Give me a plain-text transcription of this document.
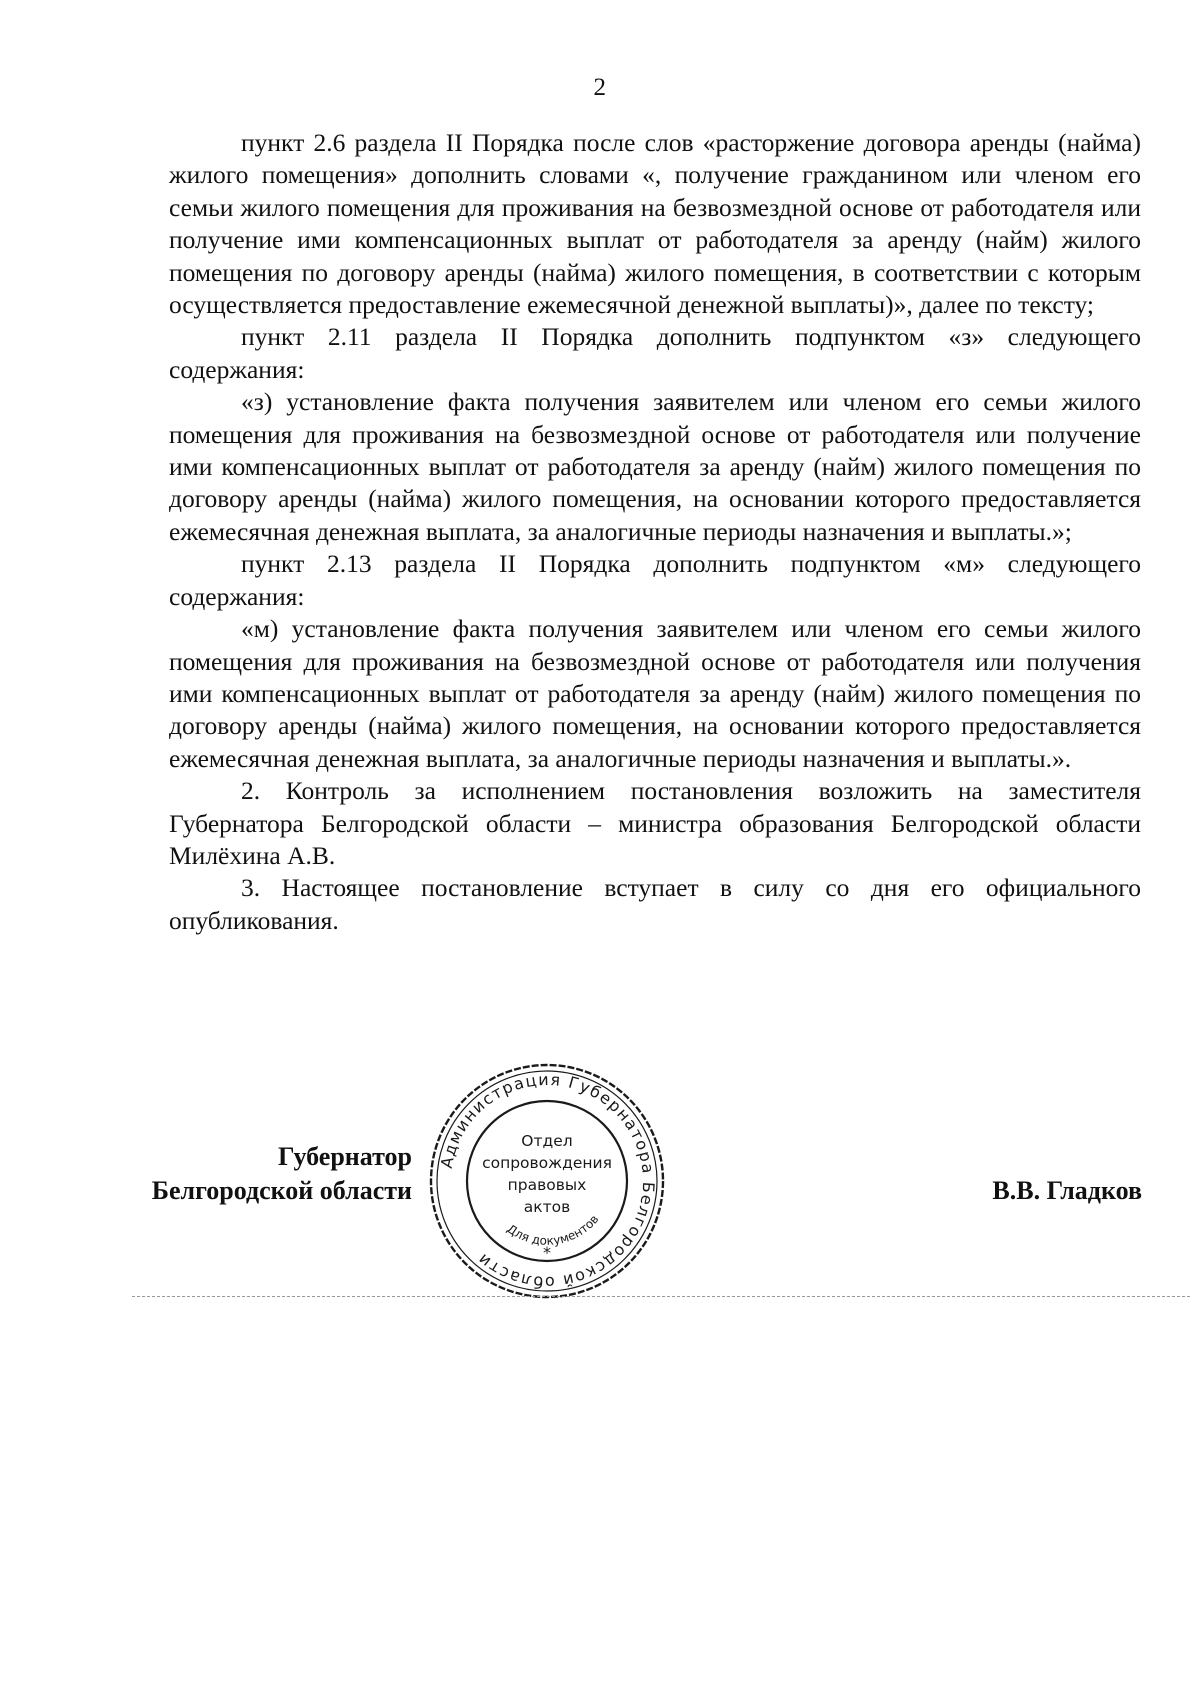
2

пункт 2.6 раздела II Порядка после слов «расторжение договора аренды (найма) жилого помещения» дополнить словами «, получение гражданином или членом его семьи жилого помещения для проживания на безвозмездной основе от работодателя или получение ими компенсационных выплат от работодателя за аренду (найм) жилого помещения по договору аренды (найма) жилого помещения, в соответствии с которым осуществляется предоставление ежемесячной денежной выплаты)», далее по тексту;

пункт 2.11 раздела II Порядка дополнить подпунктом «з» следующего содержания:

«з) установление факта получения заявителем или членом его семьи жилого помещения для проживания на безвозмездной основе от работодателя или получение ими компенсационных выплат от работодателя за аренду (найм) жилого помещения по договору аренды (найма) жилого помещения, на основании которого предоставляется ежемесячная денежная выплата, за аналогичные периоды назначения и выплаты.»;

пункт 2.13 раздела II Порядка дополнить подпунктом «м» следующего содержания:

«м) установление факта получения заявителем или членом его семьи жилого помещения для проживания на безвозмездной основе от работодателя или получения ими компенсационных выплат от работодателя за аренду (найм) жилого помещения по договору аренды (найма) жилого помещения, на основании которого предоставляется ежемесячная денежная выплата, за аналогичные периоды назначения и выплаты.».

2. Контроль за исполнением постановления возложить на заместителя Губернатора Белгородской области – министра образования Белгородской области Милёхина А.В.

3. Настоящее постановление вступает в силу со дня его официального опубликования.

Губернатор
Белгородской области	В.В. Гладков
Администрация Губернатора Белгородской области
Для документов
*
Отдел
сопровождения
правовых
актов
